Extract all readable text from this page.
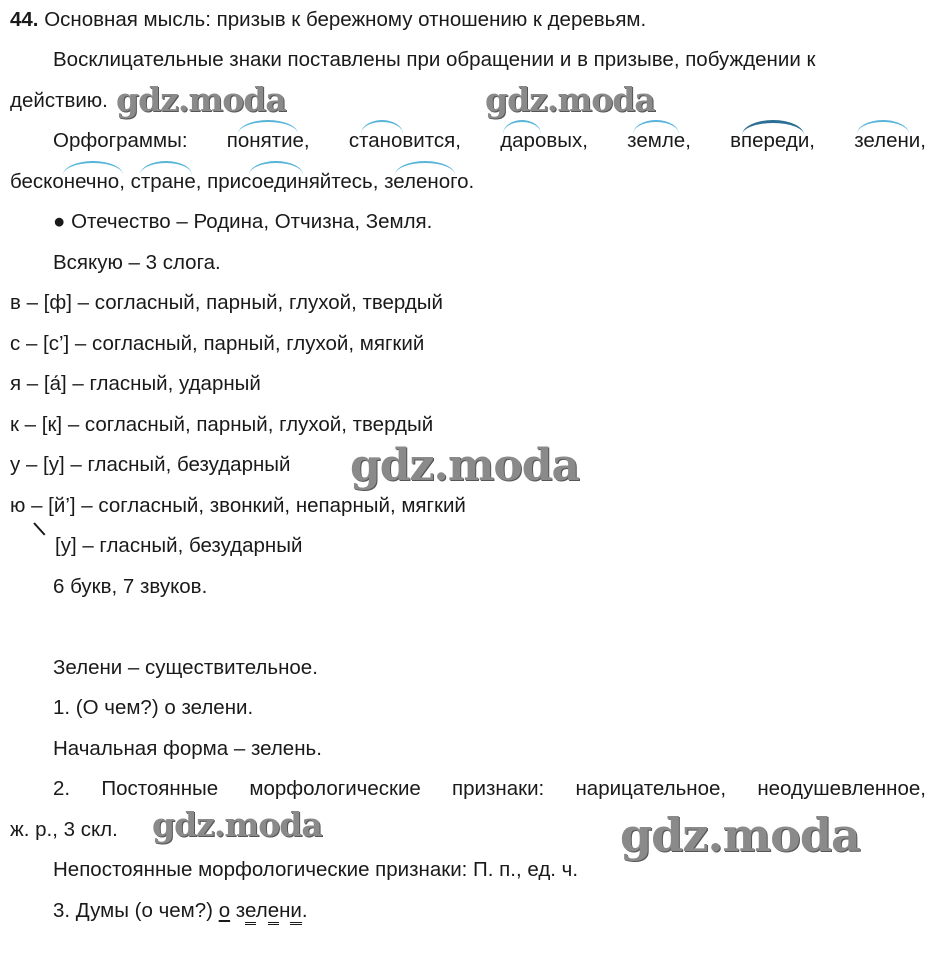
44. Основная мысль: призыв к бережному отношению к деревьям.
Восклицательные знаки поставлены при обращении и в призыве, побуждении к
действию.
Орфограммы: понятие, становится, даровых, земле, впереди, зелени,
бесконечно, стране, присоединяйтесь, зеленого.
● Отечество – Родина, Отчизна, Земля.
Всякую – 3 слога.
в – [ф] – согласный, парный, глухой, твердый
с – [с’] – согласный, парный, глухой, мягкий
я – [а́] – гласный, ударный
к – [к] – согласный, парный, глухой, твердый
у – [у] – гласный, безударный
ю – [й’] – согласный, звонкий, непарный, мягкий
[у] – гласный, безударный
6 букв, 7 звуков.
Зелени – существительное.
1. (О чем?) о зелени.
Начальная форма – зелень.
2. Постоянные морфологические признаки: нарицательное, неодушевленное,
ж. р., 3 скл.
Непостоянные морфологические признаки: П. п., ед. ч.
3. Думы (о чем?) о зелени.
gdz.moda	gdz.moda
gdz.moda
gdz.moda	gdz.moda
